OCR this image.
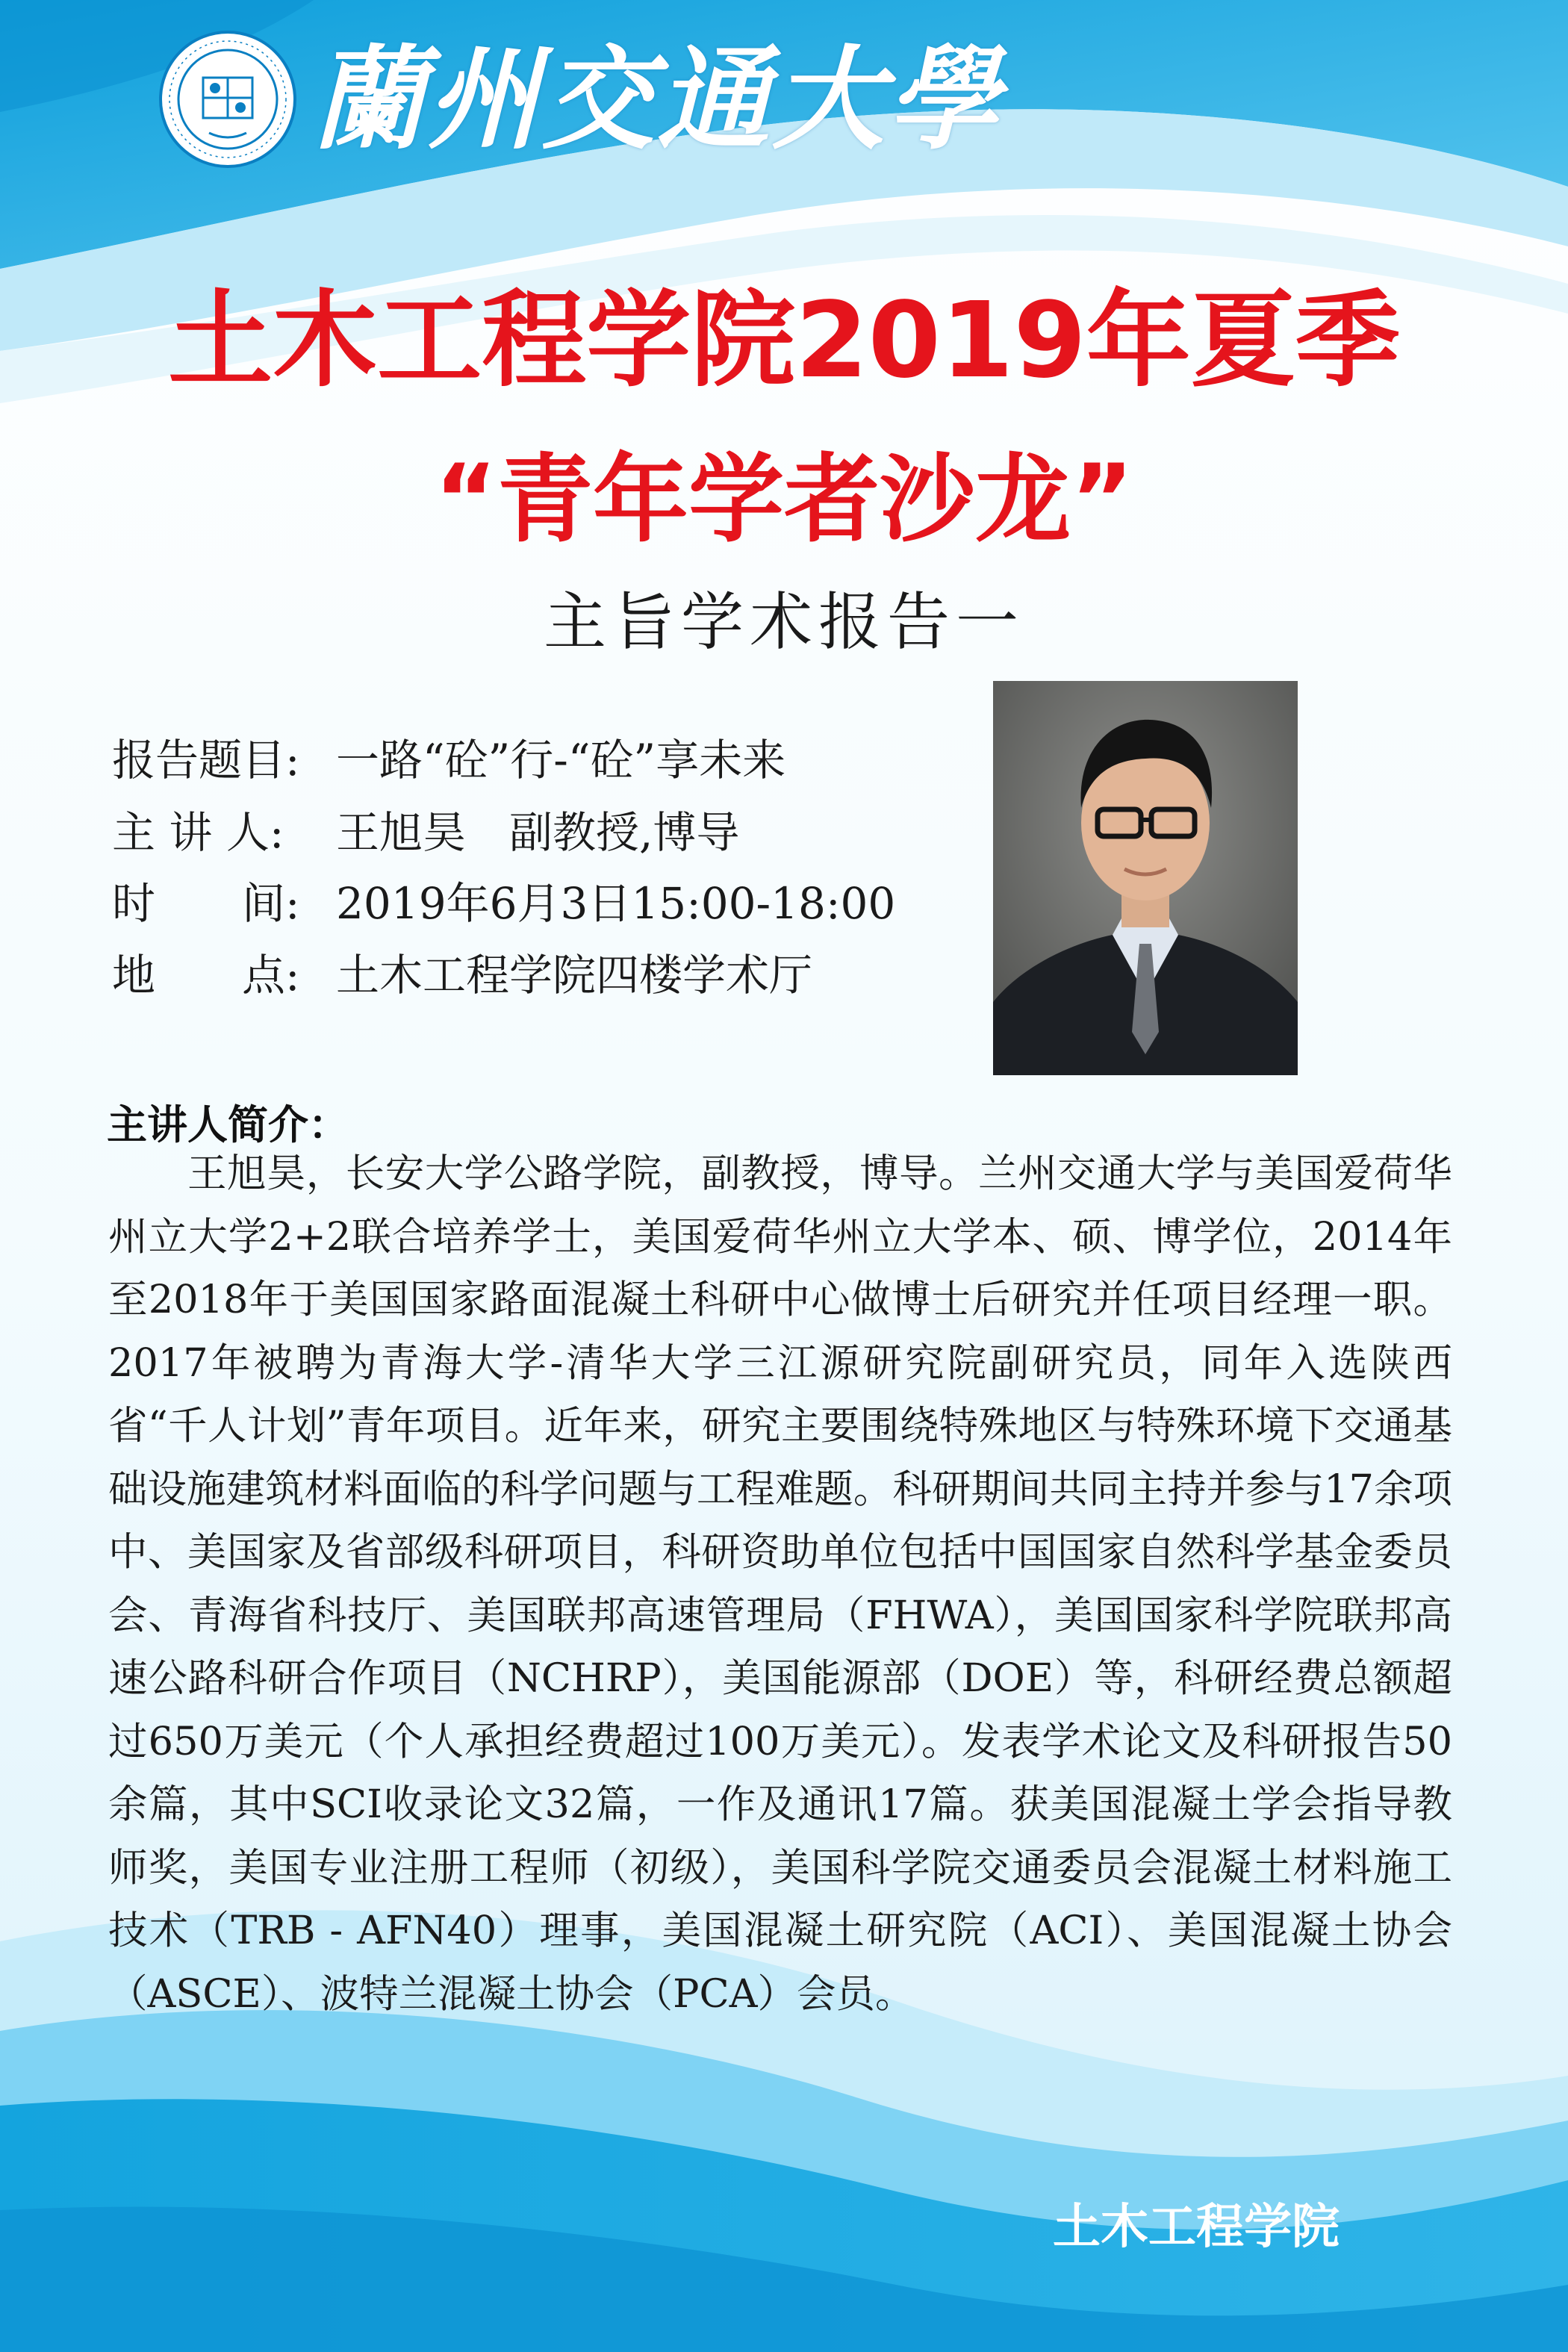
蘭州交通大學
土木工程学院2019年夏季
“青年学者沙龙”
主旨学术报告一
报告题目: 一路“砼”行-“砼”享未来
主 讲 人: 王旭昊　副教授,博导
时　　间: 2019年6月3日15:00-18:00
地　　点: 土木工程学院四楼学术厅
主讲人简介：
王旭昊，长安大学公路学院，副教授，博导。兰州交通大学与美国爱荷华州立大学2+2联合培养学士，美国爱荷华州立大学本、硕、博学位，2014年至2018年于美国国家路面混凝土科研中心做博士后研究并任项目经理一职。2017年被聘为青海大学-清华大学三江源研究院副研究员，同年入选陕西省“千人计划”青年项目。近年来，研究主要围绕特殊地区与特殊环境下交通基础设施建筑材料面临的科学问题与工程难题。科研期间共同主持并参与17余项中、美国家及省部级科研项目，科研资助单位包括中国国家自然科学基金委员会、青海省科技厅、美国联邦高速管理局（FHWA），美国国家科学院联邦高速公路科研合作项目（NCHRP），美国能源部（DOE）等，科研经费总额超过650万美元（个人承担经费超过100万美元）。发表学术论文及科研报告50余篇，其中SCI收录论文32篇，一作及通讯17篇。获美国混凝土学会指导教师奖，美国专业注册工程师（初级），美国科学院交通委员会混凝土材料施工技术（TRB - AFN40）理事，美国混凝土研究院（ACI）、美国混凝土协会（ASCE）、波特兰混凝土协会（PCA）会员。
土木工程学院
